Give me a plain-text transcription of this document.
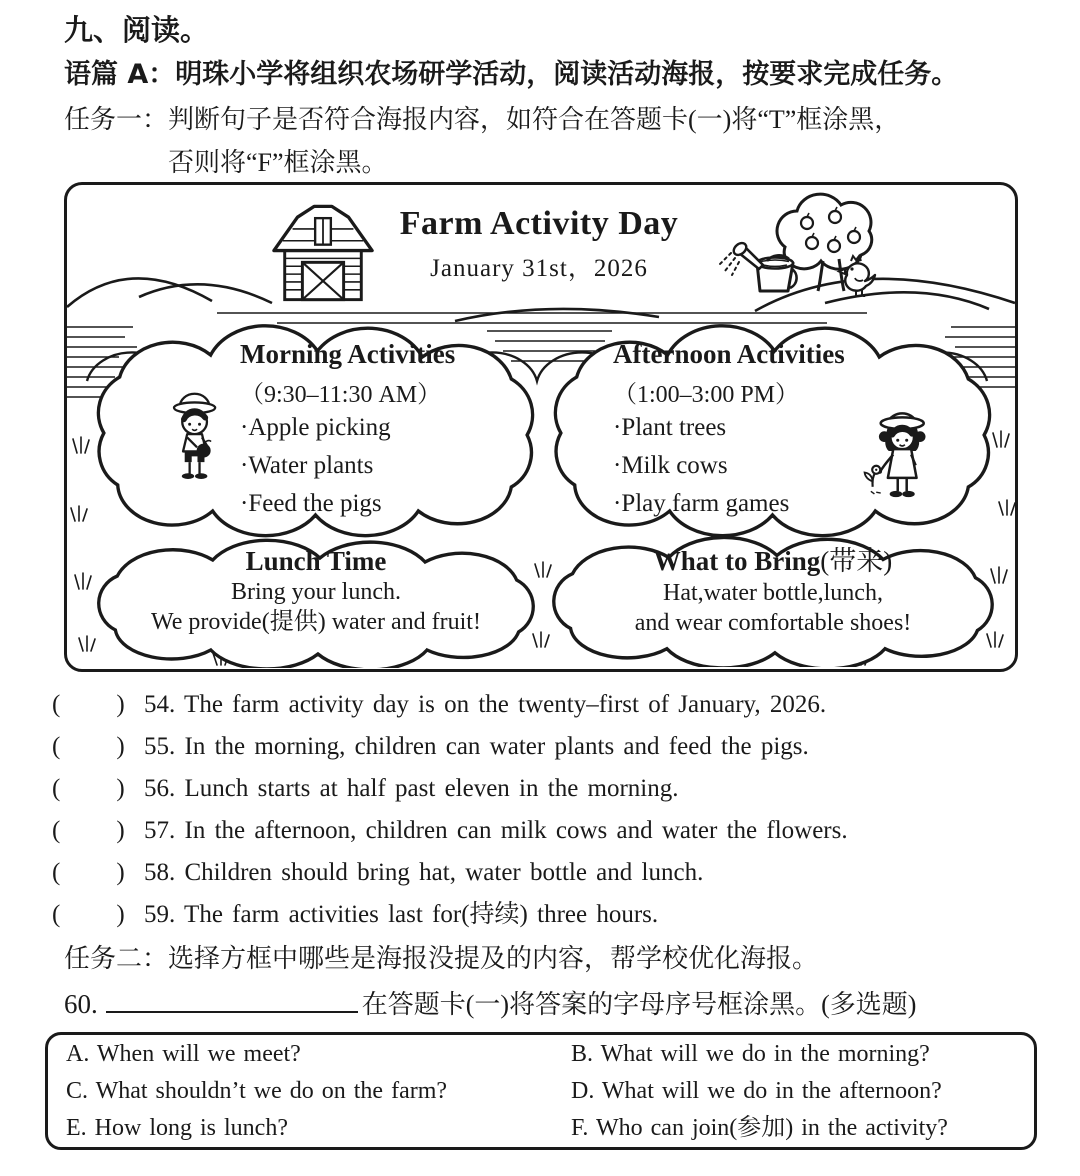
九、阅读。
语篇 A：明珠小学将组织农场研学活动，阅读活动海报，按要求完成任务。
任务一：判断句子是否符合海报内容，如符合在答题卡(一)将“T”框涂黑，
否则将“F”框涂黑。
Farm Activity Day
January 31st，2026
Morning Activities
（9:30–11:30 AM）
·Apple picking
·Water plants
·Feed the pigs
Afternoon Activities
（1:00–3:00 PM）
·Plant trees
·Milk cows
·Play farm games
Lunch Time
Bring your lunch.
We provide(提供) water and fruit!
What to Bring(带来)
Hat,water bottle,lunch,
and wear comfortable shoes!
(　　) 54. The farm activity day is on the twenty–first of January, 2026.
(　　) 55. In the morning, children can water plants and feed the pigs.
(　　) 56. Lunch starts at half past eleven in the morning.
(　　) 57. In the afternoon, children can milk cows and water the flowers.
(　　) 58. Children should bring hat, water bottle and lunch.
(　　) 59. The farm activities last for(持续) three hours.
任务二：选择方框中哪些是海报没提及的内容，帮学校优化海报。
60.	在答题卡(一)将答案的字母序号框涂黑。(多选题)
A. When will we meet?	B. What will we do in the morning?
C. What shouldn’t we do on the farm?	D. What will we do in the afternoon?
E. How long is lunch?	F. Who can join(参加) in the activity?
